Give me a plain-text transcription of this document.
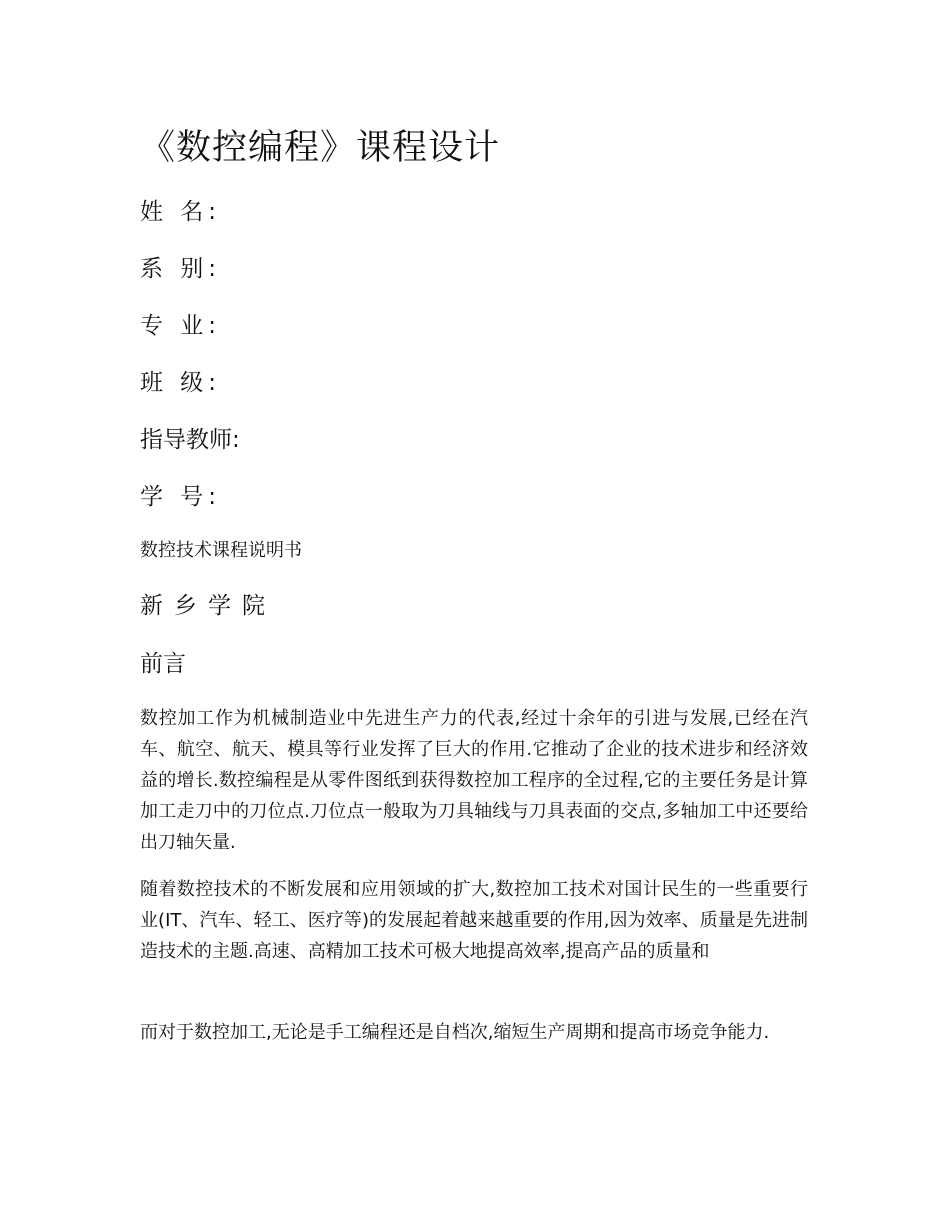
《数控编程》课程设计
姓 名:
系 别:
专 业:
班 级:
指导教师:
学 号:
数控技术课程说明书
新乡学院
前言

数控加工作为机械制造业中先进生产力的代表,经过十余年的引进与发展,已经在汽车、航空、航天、模具等行业发挥了巨大的作用.它推动了企业的技术进步和经济效益的增长.数控编程是从零件图纸到获得数控加工程序的全过程,它的主要任务是计算加工走刀中的刀位点.刀位点一般取为刀具轴线与刀具表面的交点,多轴加工中还要给出刀轴矢量.

随着数控技术的不断发展和应用领域的扩大,数控加工技术对国计民生的一些重要行业(IT、汽车、轻工、医疗等)的发展起着越来越重要的作用,因为效率、质量是先进制造技术的主题.高速、高精加工技术可极大地提高效率,提高产品的质量和

而对于数控加工,无论是手工编程还是自档次,缩短生产周期和提高市场竞争能力.
